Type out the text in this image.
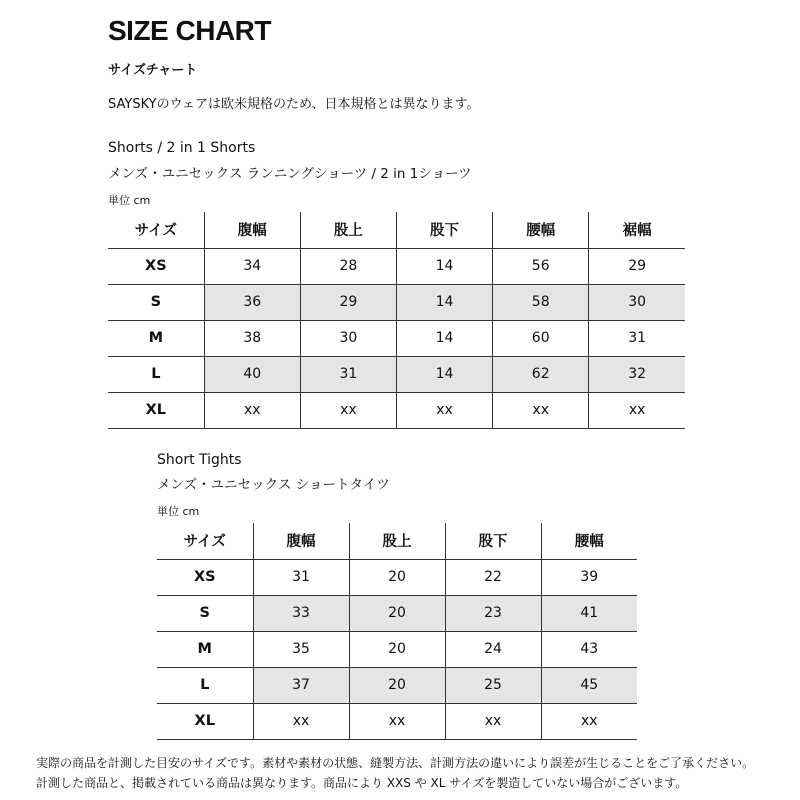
SIZE CHART
サイズチャート
SAYSKYのウェアは欧米規格のため、日本規格とは異なります。
Shorts / 2 in 1 Shorts
メンズ・ユニセックス ランニングショーツ / 2 in 1ショーツ
単位 cm
サイズ	腹幅	股上	股下	腰幅	裾幅
XS	34	28	14	56	29
S	36	29	14	58	30
M	38	30	14	60	31
L	40	31	14	62	32
XL	xx	xx	xx	xx	xx
Short Tights
メンズ・ユニセックス ショートタイツ
単位 cm
サイズ	腹幅	股上	股下	腰幅
XS	31	20	22	39
S	33	20	23	41
M	35	20	24	43
L	37	20	25	45
XL	xx	xx	xx	xx
実際の商品を計測した目安のサイズです。素材や素材の状態、縫製方法、計測方法の違いにより誤差が生じることをご了承ください。
計測した商品と、掲載されている商品は異なります。商品により XXS や XL サイズを製造していない場合がございます。
